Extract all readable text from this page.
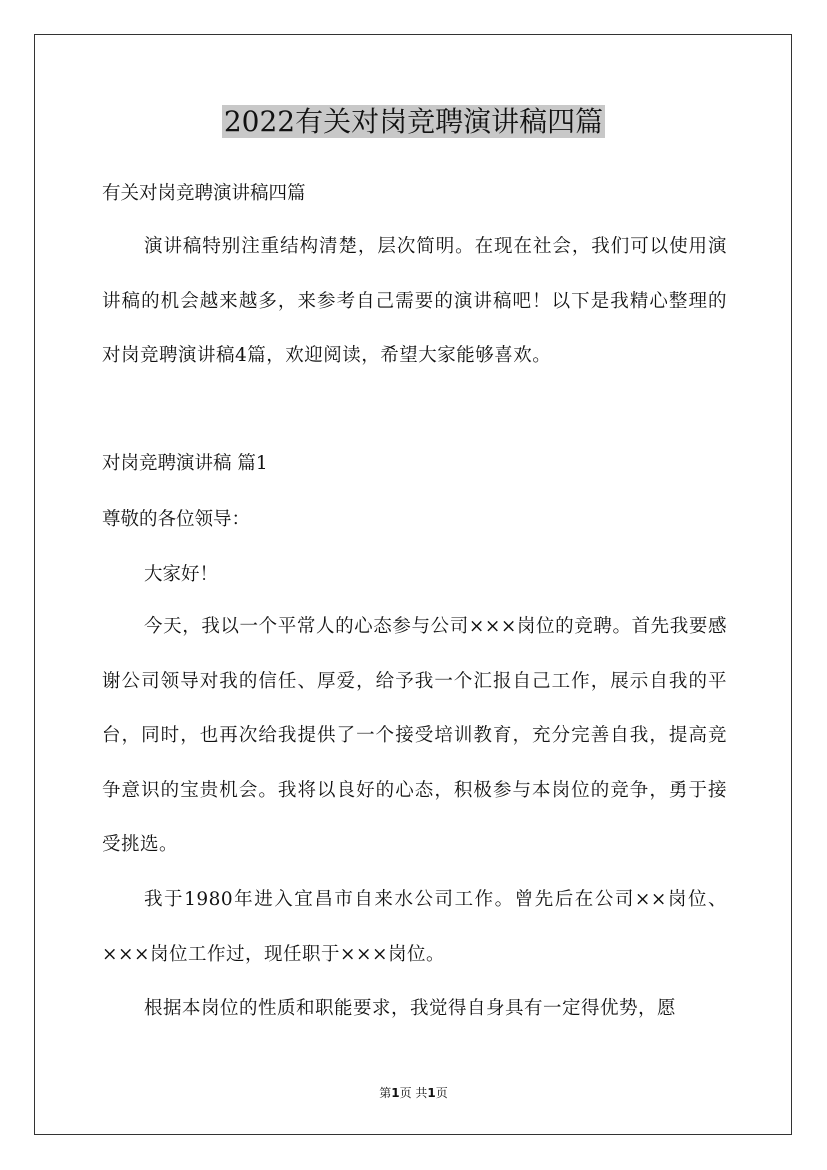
2022有关对岗竞聘演讲稿四篇
有关对岗竞聘演讲稿四篇
演讲稿特别注重结构清楚，层次简明。在现在社会，我们可以使用演讲稿的机会越来越多，来参考自己需要的演讲稿吧！以下是我精心整理的对岗竞聘演讲稿4篇，欢迎阅读，希望大家能够喜欢。
对岗竞聘演讲稿 篇1
尊敬的各位领导：
大家好！
今天，我以一个平常人的心态参与公司×××岗位的竞聘。首先我要感谢公司领导对我的信任、厚爱，给予我一个汇报自己工作，展示自我的平台，同时，也再次给我提供了一个接受培训教育，充分完善自我，提高竞争意识的宝贵机会。我将以良好的心态，积极参与本岗位的竞争，勇于接受挑选。
我于1980年进入宜昌市自来水公司工作。曾先后在公司××岗位、×××岗位工作过，现任职于×××岗位。
根据本岗位的性质和职能要求，我觉得自身具有一定得优势，愿
第1页 共1页
